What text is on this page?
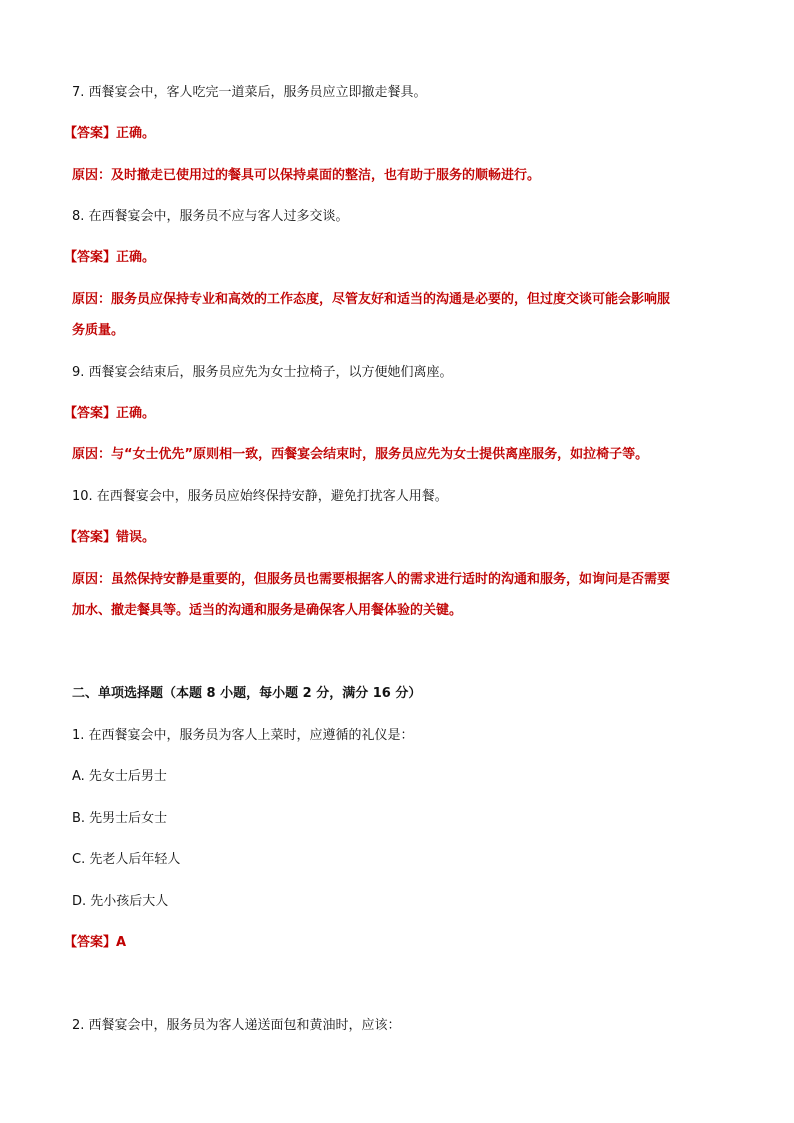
7. 西餐宴会中，客人吃完一道菜后，服务员应立即撤走餐具。
【答案】正确。
原因：及时撤走已使用过的餐具可以保持桌面的整洁，也有助于服务的顺畅进行。
8. 在西餐宴会中，服务员不应与客人过多交谈。
【答案】正确。
原因：服务员应保持专业和高效的工作态度，尽管友好和适当的沟通是必要的，但过度交谈可能会影响服
务质量。
9. 西餐宴会结束后，服务员应先为女士拉椅子，以方便她们离座。
【答案】正确。
原因：与“女士优先”原则相一致，西餐宴会结束时，服务员应先为女士提供离座服务，如拉椅子等。
10. 在西餐宴会中，服务员应始终保持安静，避免打扰客人用餐。
【答案】错误。
原因：虽然保持安静是重要的，但服务员也需要根据客人的需求进行适时的沟通和服务，如询问是否需要
加水、撤走餐具等。适当的沟通和服务是确保客人用餐体验的关键。
二、单项选择题（本题 8 小题，每小题 2 分，满分 16 分）
1. 在西餐宴会中，服务员为客人上菜时，应遵循的礼仪是：
A. 先女士后男士
B. 先男士后女士
C. 先老人后年轻人
D. 先小孩后大人
【答案】A
2. 西餐宴会中，服务员为客人递送面包和黄油时，应该：
